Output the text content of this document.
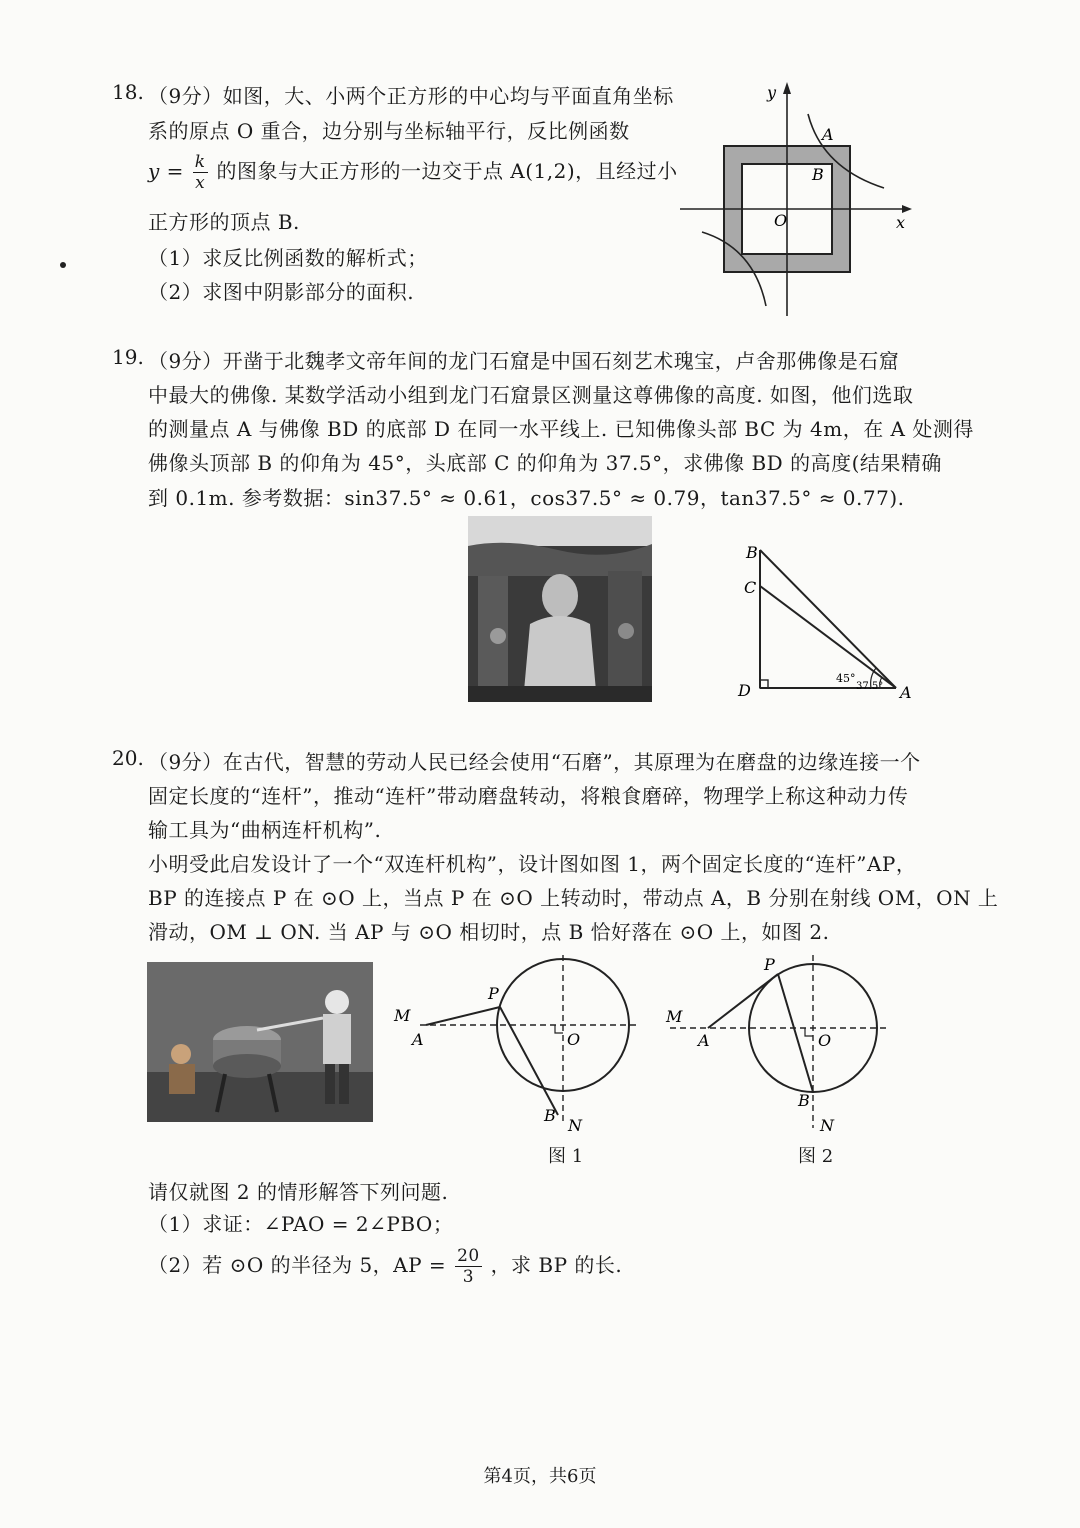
18. （9分）如图，大、小两个正方形的中心均与平面直角坐标
系的原点 O 重合，边分别与坐标轴平行，反比例函数
$y = \frac{k}{x}$ 的图象与大正方形的一边交于点 A(1,2)，且经过小
正方形的顶点 B.
（1）求反比例函数的解析式；
（2）求图中阴影部分的面积.
O
y
x
A
B
19. （9分）开凿于北魏孝文帝年间的龙门石窟是中国石刻艺术瑰宝，卢舍那佛像是石窟
中最大的佛像. 某数学活动小组到龙门石窟景区测量这尊佛像的高度. 如图，他们选取
的测量点 A 与佛像 BD 的底部 D 在同一水平线上. 已知佛像头部 BC 为 4m，在 A 处测得
佛像头顶部 B 的仰角为 45°，头底部 C 的仰角为 37.5°，求佛像 BD 的高度(结果精确
到 0.1m. 参考数据：sin37.5° ≈ 0.61，cos37.5° ≈ 0.79，tan37.5° ≈ 0.77).
B
C
D	A
45°
37.5°
20. （9分）在古代，智慧的劳动人民已经会使用“石磨”，其原理为在磨盘的边缘连接一个
固定长度的“连杆”，推动“连杆”带动磨盘转动，将粮食磨碎，物理学上称这种动力传
输工具为“曲柄连杆机构”.
小明受此启发设计了一个“双连杆机构”，设计图如图 1，两个固定长度的“连杆”AP，
BP 的连接点 P 在 ⊙O 上，当点 P 在 ⊙O 上转动时，带动点 A，B 分别在射线 OM，ON 上
滑动，OM ⊥ ON. 当 AP 与 ⊙O 相切时，点 B 恰好落在 ⊙O 上，如图 2.
M
A
P
O
B
N
图 1
M
A
P
O
B
N
图 2
请仅就图 2 的情形解答下列问题.
（1）求证：∠PAO = 2∠PBO；
（2）若 ⊙O 的半径为 5，AP = $\frac{20}{3}$ ，求 BP 的长.
第4页，共6页
